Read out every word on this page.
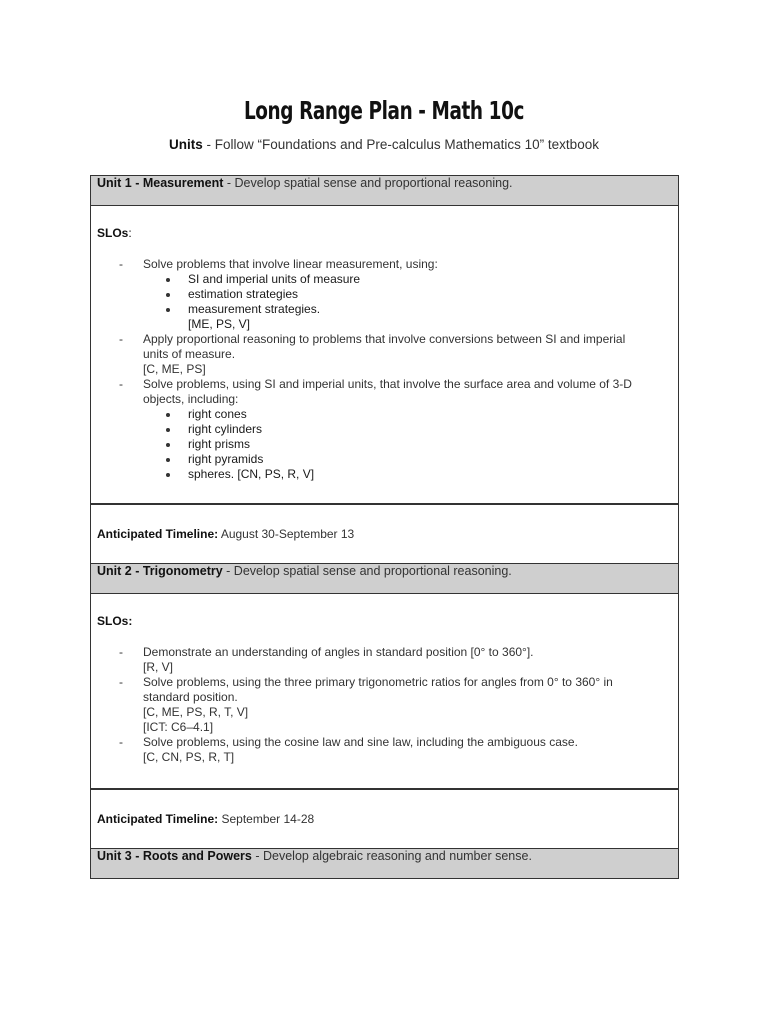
Long Range Plan - Math 10c
Units - Follow “Foundations and Pre-calculus Mathematics 10” textbook
Unit 1 - Measurement - Develop spatial sense and proportional reasoning.

SLOs:
- Solve problems that involve linear measurement, using:
SI and imperial units of measure
estimation strategies
measurement strategies.
[ME, PS, V]
- Apply proportional reasoning to problems that involve conversions between SI and imperial
units of measure.
[C, ME, PS]
- Solve problems, using SI and imperial units, that involve the surface area and volume of 3-D
objects, including:
right cones
right cylinders
right prisms
right pyramids
spheres. [CN, PS, R, V]

Anticipated Timeline: August 30-September 13
Unit 2 - Trigonometry - Develop spatial sense and proportional reasoning.

SLOs:
- Demonstrate an understanding of angles in standard position [0° to 360°].
[R, V]
- Solve problems, using the three primary trigonometric ratios for angles from 0° to 360° in
standard position.
[C, ME, PS, R, T, V]
[ICT: C6–4.1]
- Solve problems, using the cosine law and sine law, including the ambiguous case.
[C, CN, PS, R, T]

Anticipated Timeline: September 14-28
Unit 3 - Roots and Powers - Develop algebraic reasoning and number sense.
